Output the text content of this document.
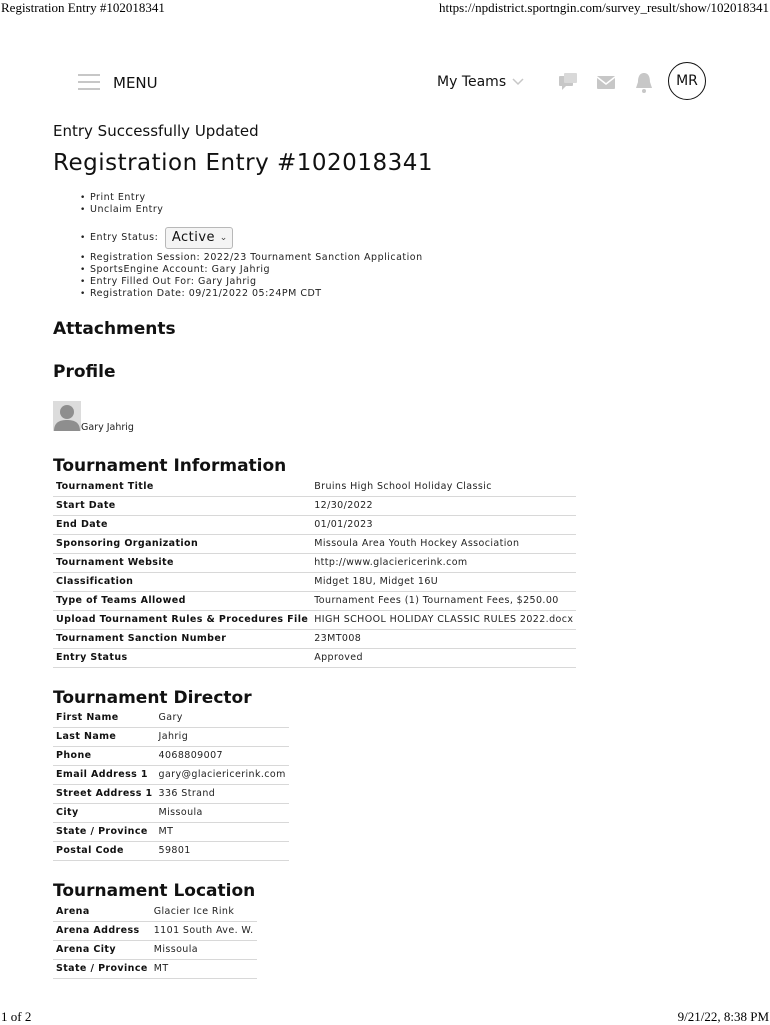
Registration Entry #102018341	https://npdistrict.sportngin.com/survey_result/show/102018341
MENU	My Teams	MR
Entry Successfully Updated
Registration Entry #102018341
• Print Entry
• Unclaim Entry
• Entry Status: Active ⌄
• Registration Session: 2022/23 Tournament Sanction Application
• SportsEngine Account: Gary Jahrig
• Entry Filled Out For: Gary Jahrig
• Registration Date: 09/21/2022 05:24PM CDT
Attachments
Profile
Gary Jahrig
Tournament Information
Tournament Title	Bruins High School Holiday Classic
Start Date	12/30/2022
End Date	01/01/2023
Sponsoring Organization	Missoula Area Youth Hockey Association
Tournament Website	http://www.glaciericerink.com
Classification	Midget 18U, Midget 16U
Type of Teams Allowed	Tournament Fees (1) Tournament Fees, $250.00
Upload Tournament Rules & Procedures File	HIGH SCHOOL HOLIDAY CLASSIC RULES 2022.docx
Tournament Sanction Number	23MT008
Entry Status	Approved
Tournament Director
First Name	Gary
Last Name	Jahrig
Phone	4068809007
Email Address 1	gary@glaciericerink.com
Street Address 1	336 Strand
City	Missoula
State / Province	MT
Postal Code	59801
Tournament Location
Arena	Glacier Ice Rink
Arena Address	1101 South Ave. W.
Arena City	Missoula
State / Province	MT
1 of 2	9/21/22, 8:38 PM
